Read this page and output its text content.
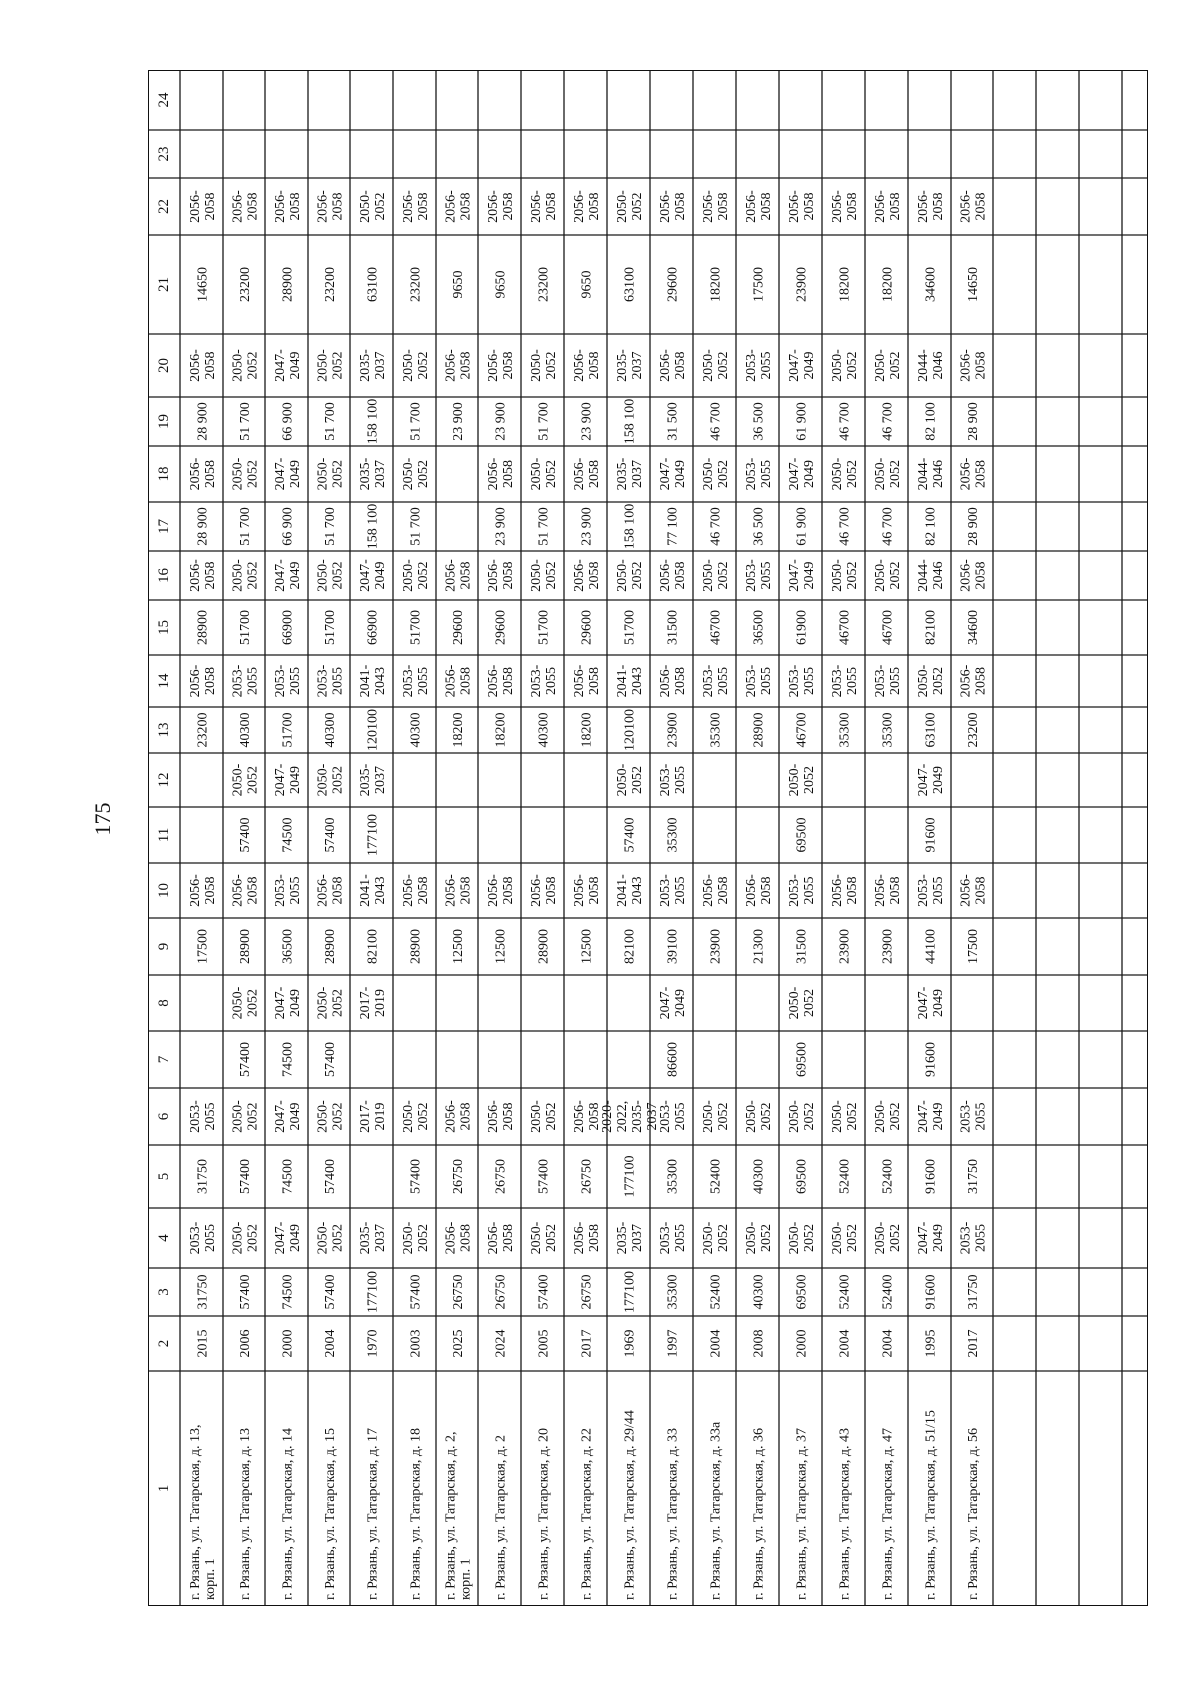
175
1
2
3
4
5
6
7
8
9
10
11
12
13
14
15
16
17
18
19
20
21
22
23
24
г. Рязань, ул. Татарская, д. 13,корп. 1
2015
31750
2053-2055
31750
2053-2055
17500
2056-2058
23200
2056-2058
28900
2056-2058
28 900
2056-2058
28 900
2056-2058
14650
2056-2058
г. Рязань, ул. Татарская, д. 13
2006
57400
2050-2052
57400
2050-2052
57400
2050-2052
28900
2056-2058
57400
2050-2052
40300
2053-2055
51700
2050-2052
51 700
2050-2052
51 700
2050-2052
23200
2056-2058
г. Рязань, ул. Татарская, д. 14
2000
74500
2047-2049
74500
2047-2049
74500
2047-2049
36500
2053-2055
74500
2047-2049
51700
2053-2055
66900
2047-2049
66 900
2047-2049
66 900
2047-2049
28900
2056-2058
г. Рязань, ул. Татарская, д. 15
2004
57400
2050-2052
57400
2050-2052
57400
2050-2052
28900
2056-2058
57400
2050-2052
40300
2053-2055
51700
2050-2052
51 700
2050-2052
51 700
2050-2052
23200
2056-2058
г. Рязань, ул. Татарская, д. 17
1970
177100
2035-2037
2017-2019
2017-2019
82100
2041-2043
177100
2035-2037
120100
2041-2043
66900
2047-2049
158 100
2035-2037
158 100
2035-2037
63100
2050-2052
г. Рязань, ул. Татарская, д. 18
2003
57400
2050-2052
57400
2050-2052
28900
2056-2058
40300
2053-2055
51700
2050-2052
51 700
2050-2052
51 700
2050-2052
23200
2056-2058
г. Рязань, ул. Татарская, д. 2,корп. 1
2025
26750
2056-2058
26750
2056-2058
12500
2056-2058
18200
2056-2058
29600
2056-2058
23 900
2056-2058
9650
2056-2058
г. Рязань, ул. Татарская, д. 2
2024
26750
2056-2058
26750
2056-2058
12500
2056-2058
18200
2056-2058
29600
2056-2058
23 900
2056-2058
23 900
2056-2058
9650
2056-2058
г. Рязань, ул. Татарская, д. 20
2005
57400
2050-2052
57400
2050-2052
28900
2056-2058
40300
2053-2055
51700
2050-2052
51 700
2050-2052
51 700
2050-2052
23200
2056-2058
г. Рязань, ул. Татарская, д. 22
2017
26750
2056-2058
26750
2056-2058
12500
2056-2058
18200
2056-2058
29600
2056-2058
23 900
2056-2058
23 900
2056-2058
9650
2056-2058
г. Рязань, ул. Татарская, д. 29/44
1969
177100
2035-2037
177100
2020-2022,2035-2037
82100
2041-2043
57400
2050-2052
120100
2041-2043
51700
2050-2052
158 100
2035-2037
158 100
2035-2037
63100
2050-2052
г. Рязань, ул. Татарская, д. 33
1997
35300
2053-2055
35300
2053-2055
86600
2047-2049
39100
2053-2055
35300
2053-2055
23900
2056-2058
31500
2056-2058
77 100
2047-2049
31 500
2056-2058
29600
2056-2058
г. Рязань, ул. Татарская, д. 33а
2004
52400
2050-2052
52400
2050-2052
23900
2056-2058
35300
2053-2055
46700
2050-2052
46 700
2050-2052
46 700
2050-2052
18200
2056-2058
г. Рязань, ул. Татарская, д. 36
2008
40300
2050-2052
40300
2050-2052
21300
2056-2058
28900
2053-2055
36500
2053-2055
36 500
2053-2055
36 500
2053-2055
17500
2056-2058
г. Рязань, ул. Татарская, д. 37
2000
69500
2050-2052
69500
2050-2052
69500
2050-2052
31500
2053-2055
69500
2050-2052
46700
2053-2055
61900
2047-2049
61 900
2047-2049
61 900
2047-2049
23900
2056-2058
г. Рязань, ул. Татарская, д. 43
2004
52400
2050-2052
52400
2050-2052
23900
2056-2058
35300
2053-2055
46700
2050-2052
46 700
2050-2052
46 700
2050-2052
18200
2056-2058
г. Рязань, ул. Татарская, д. 47
2004
52400
2050-2052
52400
2050-2052
23900
2056-2058
35300
2053-2055
46700
2050-2052
46 700
2050-2052
46 700
2050-2052
18200
2056-2058
г. Рязань, ул. Татарская, д. 51/15
1995
91600
2047-2049
91600
2047-2049
91600
2047-2049
44100
2053-2055
91600
2047-2049
63100
2050-2052
82100
2044-2046
82 100
2044-2046
82 100
2044-2046
34600
2056-2058
г. Рязань, ул. Татарская, д. 56
2017
31750
2053-2055
31750
2053-2055
17500
2056-2058
23200
2056-2058
34600
2056-2058
28 900
2056-2058
28 900
2056-2058
14650
2056-2058
